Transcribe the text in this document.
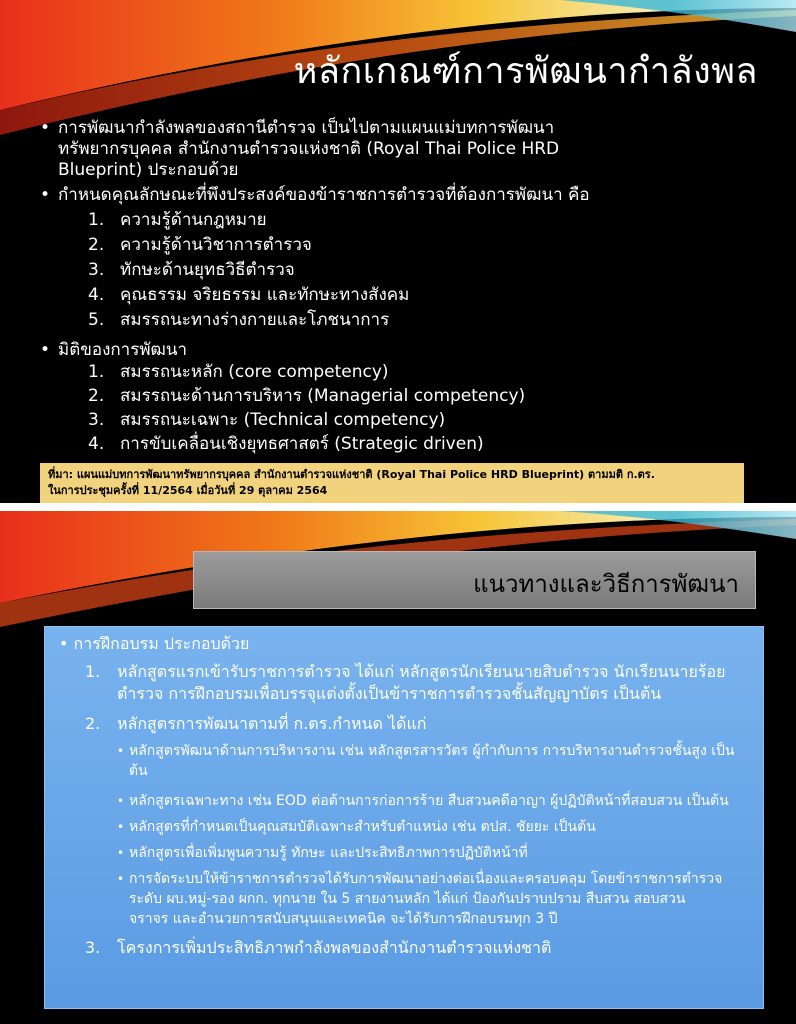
หลักเกณฑ์การพัฒนากำลังพล
• การพัฒนากำลังพลของสถานีตำรวจ เป็นไปตามแผนแม่บทการพัฒนา
ทรัพยากรบุคคล สำนักงานตำรวจแห่งชาติ (Royal Thai Police HRD
Blueprint) ประกอบด้วย
• กำหนดคุณลักษณะที่พึงประสงค์ของข้าราชการตำรวจที่ต้องการพัฒนา คือ
1. ความรู้ด้านกฎหมาย
2. ความรู้ด้านวิชาการตำรวจ
3. ทักษะด้านยุทธวิธีตำรวจ
4. คุณธรรม จริยธรรม และทักษะทางสังคม
5. สมรรถนะทางร่างกายและโภชนาการ
• มิติของการพัฒนา
1. สมรรถนะหลัก (core competency)
2. สมรรถนะด้านการบริหาร (Managerial competency)
3. สมรรถนะเฉพาะ (Technical competency)
4. การขับเคลื่อนเชิงยุทธศาสตร์ (Strategic driven)
ที่มา: แผนแม่บทการพัฒนาทรัพยากรบุคคล สำนักงานตำรวจแห่งชาติ (Royal Thai Police HRD Blueprint) ตามมติ ก.ตร.
ในการประชุมครั้งที่ 11/2564 เมื่อวันที่ 29 ตุลาคม 2564
แนวทางและวิธีการพัฒนา
• การฝึกอบรม ประกอบด้วย
1. หลักสูตรแรกเข้ารับราชการตำรวจ ได้แก่ หลักสูตรนักเรียนนายสิบตำรวจ นักเรียนนายร้อย
ตำรวจ การฝึกอบรมเพื่อบรรจุแต่งตั้งเป็นข้าราชการตำรวจชั้นสัญญาบัตร เป็นต้น
2. หลักสูตรการพัฒนาตามที่ ก.ตร.กำหนด ได้แก่
• หลักสูตรพัฒนาด้านการบริหารงาน เช่น หลักสูตรสารวัตร ผู้กำกับการ การบริหารงานตำรวจชั้นสูง เป็น
ต้น
• หลักสูตรเฉพาะทาง เช่น EOD ต่อต้านการก่อการร้าย สืบสวนคดีอาญา ผู้ปฏิบัติหน้าที่สอบสวน เป็นต้น
• หลักสูตรที่กำหนดเป็นคุณสมบัติเฉพาะสำหรับตำแหน่ง เช่น ตปส. ชัยยะ เป็นต้น
• หลักสูตรเพื่อเพิ่มพูนความรู้ ทักษะ และประสิทธิภาพการปฏิบัติหน้าที่
• การจัดระบบให้ข้าราชการตำรวจได้รับการพัฒนาอย่างต่อเนื่องและครอบคลุม โดยข้าราชการตำรวจ
ระดับ ผบ.หมู่-รอง ผกก. ทุกนาย ใน 5 สายงานหลัก ได้แก่ ป้องกันปราบปราม สืบสวน สอบสวน
จราจร และอำนวยการสนับสนุนและเทคนิค จะได้รับการฝึกอบรมทุก 3 ปี
3. โครงการเพิ่มประสิทธิภาพกำลังพลของสำนักงานตำรวจแห่งชาติ
